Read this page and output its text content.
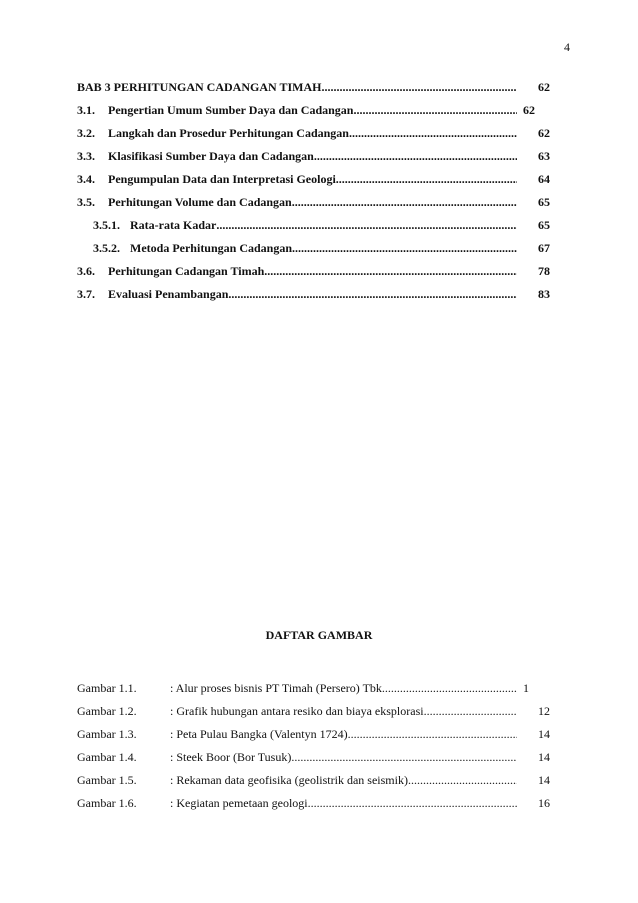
4
BAB 3 PERHITUNGAN CADANGAN TIMAH .....	62
3.1.	Pengertian Umum Sumber Daya dan Cadangan .....	62
3.2.	Langkah dan Prosedur Perhitungan Cadangan .....	62
3.3.	Klasifikasi Sumber Daya dan Cadangan .....	63
3.4.	Pengumpulan Data dan Interpretasi Geologi .....	64
3.5.	Perhitungan Volume dan Cadangan .....	65
3.5.1. Rata-rata Kadar .....	65
3.5.2. Metoda Perhitungan Cadangan .....	67
3.6.	Perhitungan Cadangan Timah .....	78
3.7.	Evaluasi Penambangan .....	83
DAFTAR GAMBAR
Gambar 1.1.	: Alur proses bisnis PT Timah (Persero) Tbk. .....	1
Gambar 1.2.	: Grafik hubungan antara resiko dan biaya eksplorasi .....	12
Gambar 1.3.	: Peta Pulau Bangka (Valentyn 1724) .....	14
Gambar 1.4.	: Steek Boor (Bor Tusuk) .....	14
Gambar 1.5.	: Rekaman data geofisika (geolistrik dan seismik) .....	14
Gambar 1.6.	: Kegiatan pemetaan geologi .....	16
